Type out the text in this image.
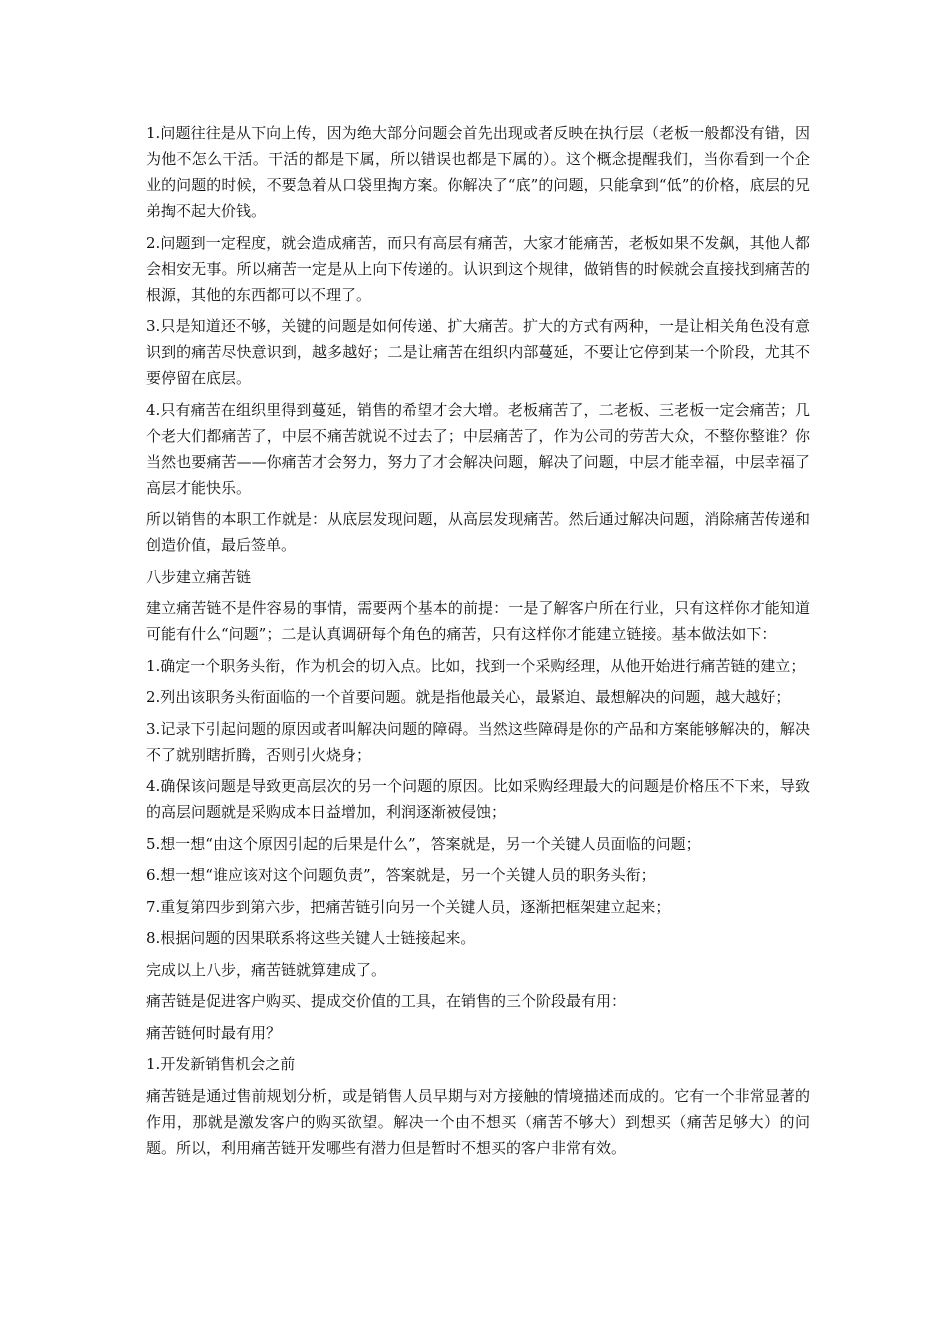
1.问题往往是从下向上传，因为绝大部分问题会首先出现或者反映在执行层（老板一般都没有错，因为他不怎么干活。干活的都是下属，所以错误也都是下属的）。这个概念提醒我们，当你看到一个企业的问题的时候，不要急着从口袋里掏方案。你解决了“底”的问题，只能拿到“低”的价格，底层的兄弟掏不起大价钱。

2.问题到一定程度，就会造成痛苦，而只有高层有痛苦，大家才能痛苦，老板如果不发飙，其他人都会相安无事。所以痛苦一定是从上向下传递的。认识到这个规律，做销售的时候就会直接找到痛苦的根源，其他的东西都可以不理了。

3.只是知道还不够，关键的问题是如何传递、扩大痛苦。扩大的方式有两种，一是让相关角色没有意识到的痛苦尽快意识到，越多越好；二是让痛苦在组织内部蔓延，不要让它停到某一个阶段，尤其不要停留在底层。

4.只有痛苦在组织里得到蔓延，销售的希望才会大增。老板痛苦了，二老板、三老板一定会痛苦；几个老大们都痛苦了，中层不痛苦就说不过去了；中层痛苦了，作为公司的劳苦大众，不整你整谁？你当然也要痛苦——你痛苦才会努力，努力了才会解决问题，解决了问题，中层才能幸福，中层幸福了高层才能快乐。

所以销售的本职工作就是：从底层发现问题，从高层发现痛苦。然后通过解决问题，消除痛苦传递和创造价值，最后签单。

八步建立痛苦链

建立痛苦链不是件容易的事情，需要两个基本的前提：一是了解客户所在行业，只有这样你才能知道可能有什么“问题”；二是认真调研每个角色的痛苦，只有这样你才能建立链接。基本做法如下：

1.确定一个职务头衔，作为机会的切入点。比如，找到一个采购经理，从他开始进行痛苦链的建立；

2.列出该职务头衔面临的一个首要问题。就是指他最关心，最紧迫、最想解决的问题，越大越好；

3.记录下引起问题的原因或者叫解决问题的障碍。当然这些障碍是你的产品和方案能够解决的，解决不了就别瞎折腾，否则引火烧身；

4.确保该问题是导致更高层次的另一个问题的原因。比如采购经理最大的问题是价格压不下来，导致的高层问题就是采购成本日益增加，利润逐渐被侵蚀；

5.想一想“由这个原因引起的后果是什么”，答案就是，另一个关键人员面临的问题；

6.想一想“谁应该对这个问题负责”，答案就是，另一个关键人员的职务头衔；

7.重复第四步到第六步，把痛苦链引向另一个关键人员，逐渐把框架建立起来；

8.根据问题的因果联系将这些关键人士链接起来。

完成以上八步，痛苦链就算建成了。

痛苦链是促进客户购买、提成交价值的工具，在销售的三个阶段最有用：

痛苦链何时最有用？

1.开发新销售机会之前

痛苦链是通过售前规划分析，或是销售人员早期与对方接触的情境描述而成的。它有一个非常显著的作用，那就是激发客户的购买欲望。解决一个由不想买（痛苦不够大）到想买（痛苦足够大）的问题。所以，利用痛苦链开发哪些有潜力但是暂时不想买的客户非常有效。
